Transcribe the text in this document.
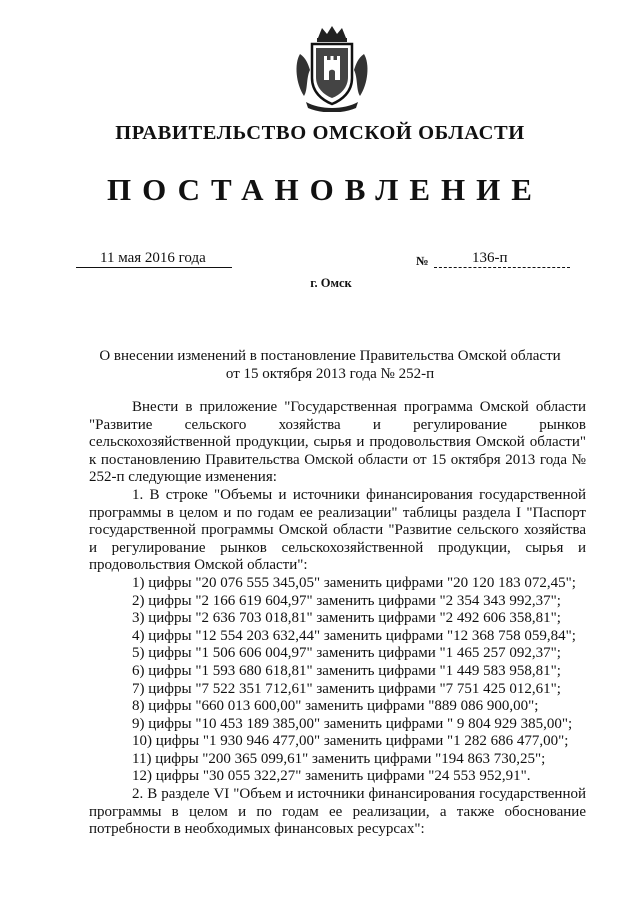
ПРАВИТЕЛЬСТВО ОМСКОЙ ОБЛАСТИ
ПОСТАНОВЛЕНИЕ
11 мая 2016 года	№	136-п
г. Омск
О внесении изменений в постановление Правительства Омской области
от 15 октября 2013 года № 252-п

Внести в приложение "Государственная программа Омской области "Развитие сельского хозяйства и регулирование рынков сельскохозяйственной продукции, сырья и продовольствия Омской области" к постановлению Правительства Омской области от 15 октября 2013 года № 252-п следующие изменения:

1. В строке "Объемы и источники финансирования государственной программы в целом и по годам ее реализации" таблицы раздела I "Паспорт государственной программы Омской области "Развитие сельского хозяйства и регулирование рынков сельскохозяйственной продукции, сырья и продовольствия Омской области":

1) цифры "20 076 555 345,05" заменить цифрами "20 120 183 072,45";

2) цифры "2 166 619 604,97" заменить цифрами "2 354 343 992,37";

3) цифры "2 636 703 018,81" заменить цифрами "2 492 606 358,81";

4) цифры "12 554 203 632,44" заменить цифрами "12 368 758 059,84";

5) цифры "1 506 606 004,97" заменить цифрами "1 465 257 092,37";

6) цифры "1 593 680 618,81" заменить цифрами "1 449 583 958,81";

7) цифры "7 522 351 712,61" заменить цифрами "7 751 425 012,61";

8) цифры "660 013 600,00" заменить цифрами "889 086 900,00";

9) цифры "10 453 189 385,00" заменить цифрами " 9 804 929 385,00";

10) цифры "1 930 946 477,00" заменить цифрами "1 282 686 477,00";

11) цифры "200 365 099,61" заменить цифрами "194 863 730,25";

12) цифры "30 055 322,27" заменить цифрами "24 553 952,91".

2. В разделе VI "Объем и источники финансирования государственной программы в целом и по годам ее реализации, а также обоснование потребности в необходимых финансовых ресурсах":
